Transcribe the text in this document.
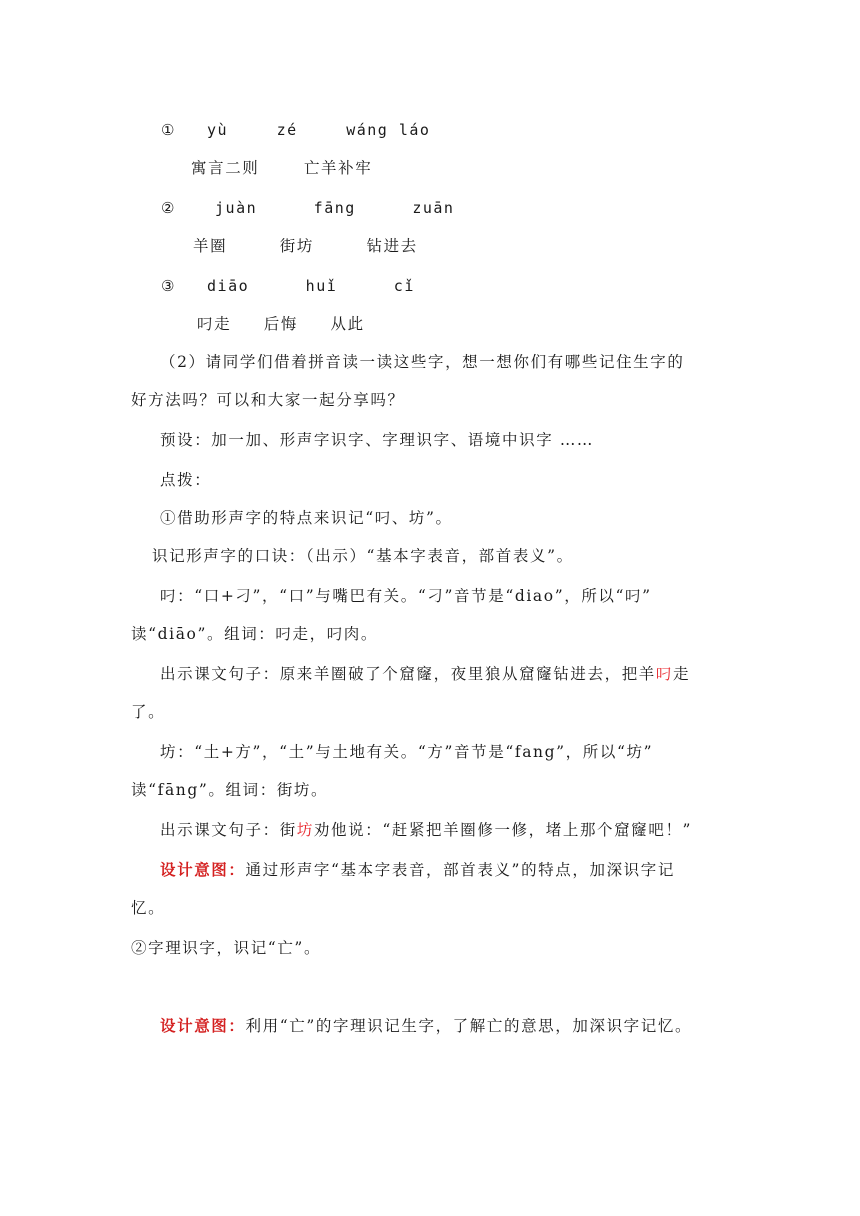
① yù	zé	wáng láo
寓言二则	亡羊补牢
②	juàn	fāng	zuān
羊圈	街坊	钻进去
③ diāo	huǐ	cǐ
叼走 后悔 从此
（2）请同学们借着拼音读一读这些字，想一想你们有哪些记住生字的
好方法吗？可以和大家一起分享吗？
预设：加一加、形声字识字、字理识字、语境中识字 ……
点拨：
①借助形声字的特点来识记“叼、坊”。
识记形声字的口诀：（出示）“基本字表音，部首表义”。
叼：“口+刁”，“口”与嘴巴有关。“刁”音节是“diao”，所以“叼”
读“diāo”。组词：叼走，叼肉。
出示课文句子：原来羊圈破了个窟窿，夜里狼从窟窿钻进去，把羊叼走
了。
坊：“土+方”，“土”与土地有关。“方”音节是“fang”，所以“坊”
读“fāng”。组词：街坊。
出示课文句子：街坊劝他说：“赶紧把羊圈修一修，堵上那个窟窿吧！”
设计意图：通过形声字“基本字表音，部首表义”的特点，加深识字记
忆。
②字理识字，识记“亡”。
设计意图：利用“亡”的字理识记生字，了解亡的意思，加深识字记忆。
